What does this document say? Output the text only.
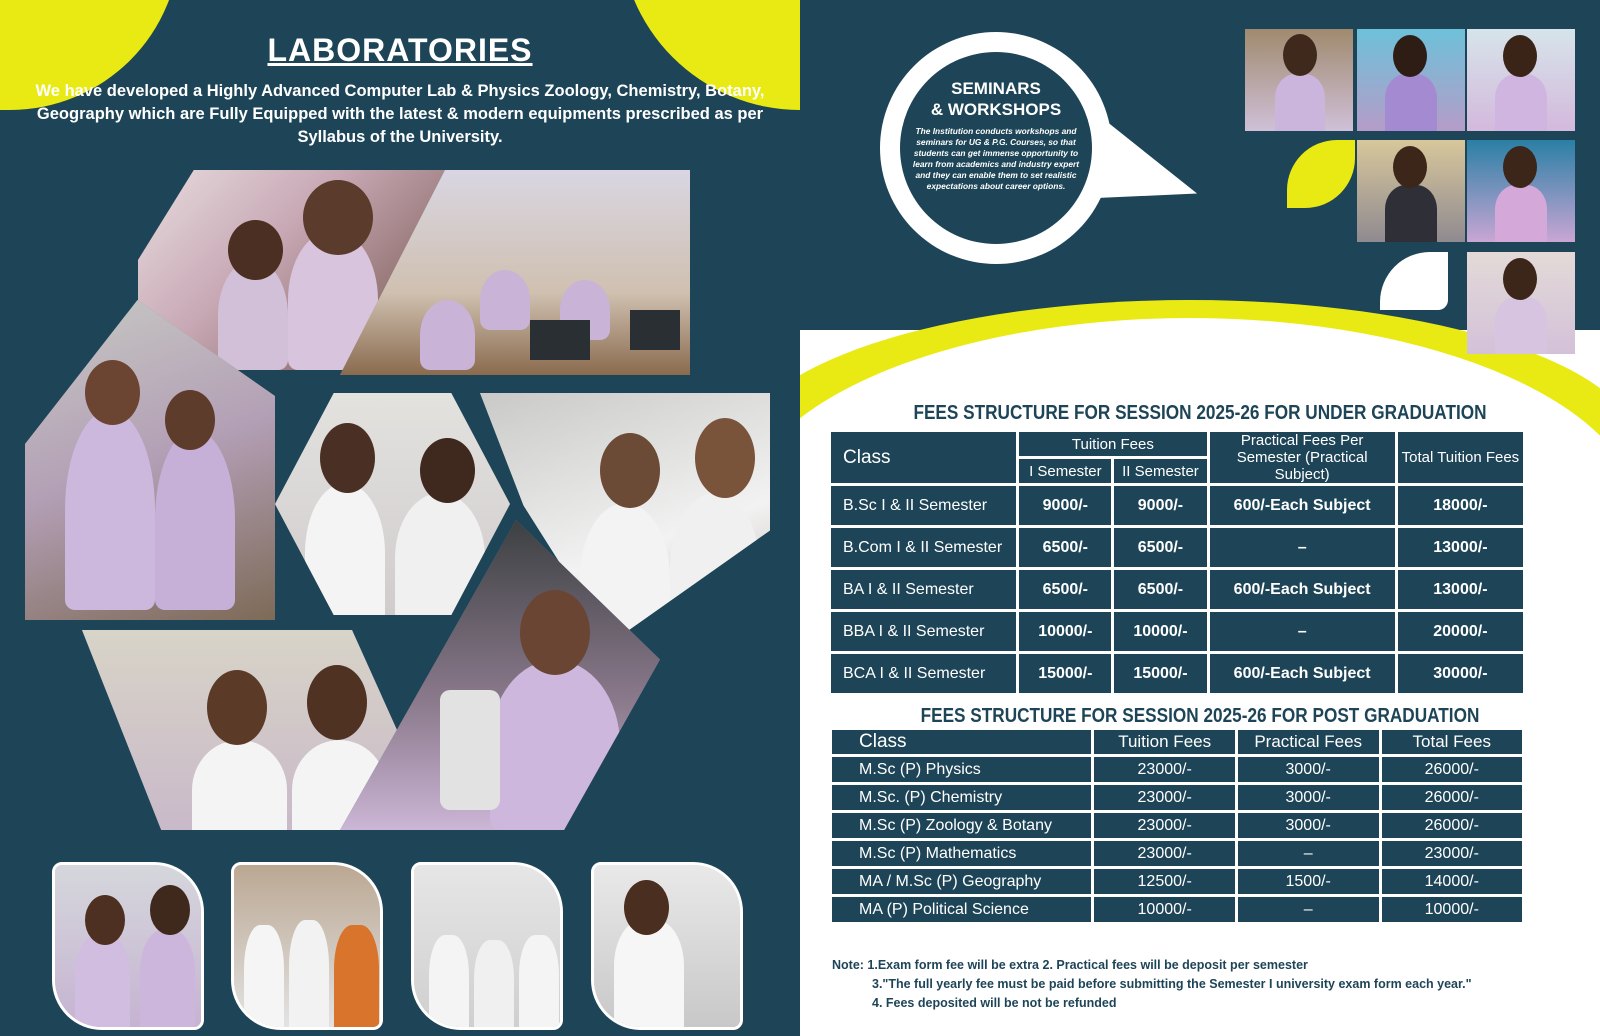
LABORATORIES
We have developed a Highly Advanced Computer Lab & Physics Zoology, Chemistry, Botany, Geography which are Fully Equipped with the latest & modern equipments prescribed as per Syllabus of the University.
SEMINARS
& WORKSHOPS
The Institution conducts workshops and seminars for UG & P.G. Courses, so that students can get immense opportunity to learn from academics and industry expert and they can enable them to set realistic expectations about career options.
FEES STRUCTURE FOR SESSION 2025-26 FOR UNDER GRADUATION
Class	Tuition Fees		Practical Fees Per Semester (Practical Subject)	Total Tuition Fees
	I Semester	II Semester		
B.Sc I & II Semester	9000/-	9000/-	600/-Each Subject	18000/-
B.Com I & II Semester	6500/-	6500/-	–	13000/-
BA I & II Semester	6500/-	6500/-	600/-Each Subject	13000/-
BBA I & II Semester	10000/-	10000/-	–	20000/-
BCA I & II Semester	15000/-	15000/-	600/-Each Subject	30000/-
FEES STRUCTURE FOR SESSION 2025-26 FOR POST GRADUATION
Class	Tuition Fees	Practical Fees	Total Fees
M.Sc (P) Physics	23000/-	3000/-	26000/-
M.Sc. (P) Chemistry	23000/-	3000/-	26000/-
M.Sc (P) Zoology & Botany	23000/-	3000/-	26000/-
M.Sc (P) Mathematics	23000/-	–	23000/-
MA / M.Sc (P) Geography	12500/-	1500/-	14000/-
MA (P) Political Science	10000/-	–	10000/-
Note: 1.Exam form fee will be extra 2. Practical fees will be deposit per semester
3."The full yearly fee must be paid before submitting the Semester I university exam form each year."
4. Fees deposited will be not be refunded
